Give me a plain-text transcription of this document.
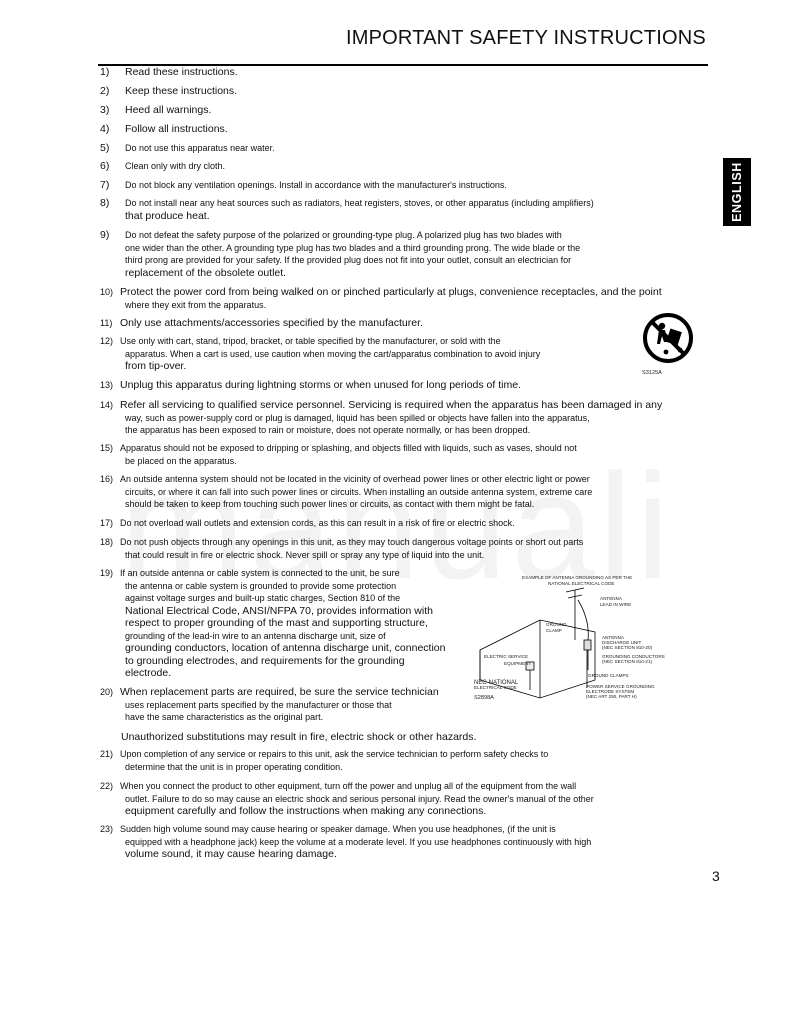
IMPORTANT SAFETY INSTRUCTIONS
ENGLISH
1)	Read these instructions.
2)	Keep these instructions.
3)	Heed all warnings.
4)	Follow all instructions.
5)	Do not use this apparatus near water.
6)	Clean only with dry cloth.
7)	Do not block any ventilation openings. Install in accordance with the manufacturer's instructions.
8)	Do not install near any heat sources such as radiators, heat registers, stoves, or other apparatus (including amplifiers)
that produce heat.
9)	Do not defeat the safety purpose of the polarized or grounding-type plug. A polarized plug has two blades with
one wider than the other. A grounding type plug has two blades and a third grounding prong. The wide blade or the
third prong are provided for your safety. If the provided plug does not fit into your outlet, consult an electrician for
replacement of the obsolete outlet.
10) Protect the power cord from being walked on or pinched particularly at plugs, convenience receptacles, and the point
where they exit from the apparatus.
11) Only use attachments/accessories specified by the manufacturer.
12) Use only with cart, stand, tripod, bracket, or table specified by the manufacturer, or sold with the
apparatus. When a cart is used, use caution when moving the cart/apparatus combination to avoid injury
from tip-over.
13) Unplug this apparatus during lightning storms or when unused for long periods of time.
14) Refer all servicing to qualified service personnel. Servicing is required when the apparatus has been damaged in any
way, such as power-supply cord or plug is damaged, liquid has been spilled or objects have fallen into the apparatus,
the apparatus has been exposed to rain or moisture, does not operate normally, or has been dropped.
15) Apparatus should not be exposed to dripping or splashing, and objects filled with liquids, such as vases, should not
be placed on the apparatus.
16) An outside antenna system should not be located in the vicinity of overhead power lines or other electric light or power
circuits, or where it can fall into such power lines or circuits. When installing an outside antenna system, extreme care
should be taken to keep from touching such power lines or circuits, as contact with them might be fatal.
17) Do not overload wall outlets and extension cords, as this can result in a risk of fire or electric shock.
18) Do not push objects through any openings in this unit, as they may touch dangerous voltage points or short out parts
that could result in fire or electric shock. Never spill or spray any type of liquid into the unit.
19) If an outside antenna or cable system is connected to the unit, be sure
the antenna or cable system is grounded to provide some protection
against voltage surges and built-up static charges, Section 810 of the
National Electrical Code, ANSI/NFPA 70, provides information with
respect to proper grounding of the mast and supporting structure,
grounding of the lead-in wire to an antenna discharge unit, size of
grounding conductors, location of antenna discharge unit, connection
to grounding electrodes, and requirements for the grounding
electrode.
20) When replacement parts are required, be sure the service technician
uses replacement parts specified by the manufacturer or those that
have the same characteristics as the original part.
Unauthorized substitutions may result in fire, electric shock or other hazards.
21) Upon completion of any service or repairs to this unit, ask the service technician to perform safety checks to
determine that the unit is in proper operating condition.
22) When you connect the product to other equipment, turn off the power and unplug all of the equipment from the wall
outlet. Failure to do so may cause an electric shock and serious personal injury. Read the owner's manual of the other
equipment carefully and follow the instructions when making any connections.
23) Sudden high volume sound may cause hearing or speaker damage. When you use headphones, (if the unit is
equipped with a headphone jack) keep the volume at a moderate level. If you use headphones continuously with high
volume sound, it may cause hearing damage.
S3125A
EXAMPLE OF ANTENNA GROUNDING AS PER THE
NATIONAL ELECTRICAL CODE
ANTENNA
LEAD IN WIRE
GROUND
CLAMP
ANTENNA
DISCHARGE UNIT
(NEC SECTION 810-20)
GROUNDING CONDUCTORS
(NEC SECTION 810-21)
ELECTRIC SERVICE
EQUIPMENT
GROUND CLAMPS
POWER SERVICE GROUNDING
ELECTRODE SYSTEM
(NEC ART 250, PART H)
NEC-NATIONAL
ELECTRICAL CODE
S2898A
3
